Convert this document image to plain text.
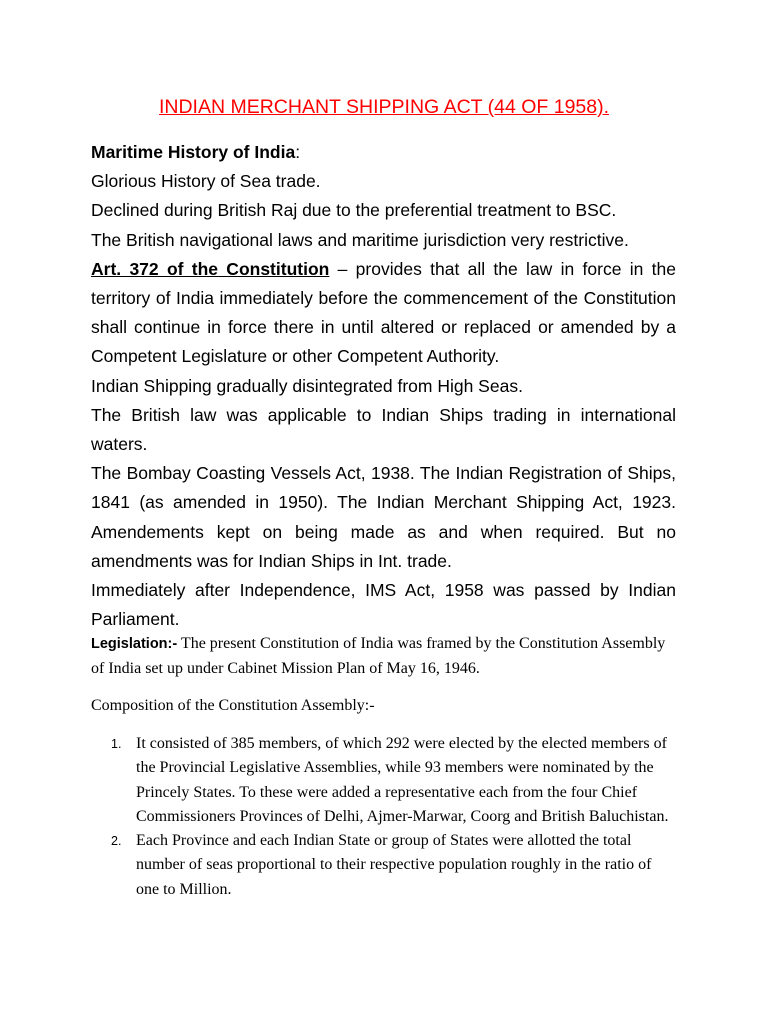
INDIAN MERCHANT SHIPPING ACT (44 OF 1958).

Maritime History of India:

Glorious History of Sea trade.

Declined during British Raj due to the preferential treatment to BSC.

The British navigational laws and maritime jurisdiction very restrictive.

Art. 372 of the Constitution – provides that all the law in force in the territory of India immediately before the commencement of the Constitution shall continue in force there in until altered or replaced or amended by a Competent Legislature or other Competent Authority.

Indian Shipping gradually disintegrated from High Seas.

The British law was applicable to Indian Ships trading in international waters.

The Bombay Coasting Vessels Act, 1938. The Indian Registration of Ships, 1841 (as amended in 1950). The Indian Merchant Shipping Act, 1923. Amendements kept on being made as and when required. But no amendments was for Indian Ships in Int. trade.

Immediately after Independence, IMS Act, 1958 was passed by Indian Parliament.

Legislation:- The present Constitution of India was framed by the Constitution Assembly of India set up under Cabinet Mission Plan of May 16, 1946.
Composition of the Constitution Assembly:-
1. It consisted of 385 members, of which 292 were elected by the elected members of the Provincial Legislative Assemblies, while 93 members were nominated by the Princely States. To these were added a representative each from the four Chief Commissioners Provinces of Delhi, Ajmer-Marwar, Coorg and British Baluchistan.
2. Each Province and each Indian State or group of States were allotted the total number of seas proportional to their respective population roughly in the ratio of one to Million.
